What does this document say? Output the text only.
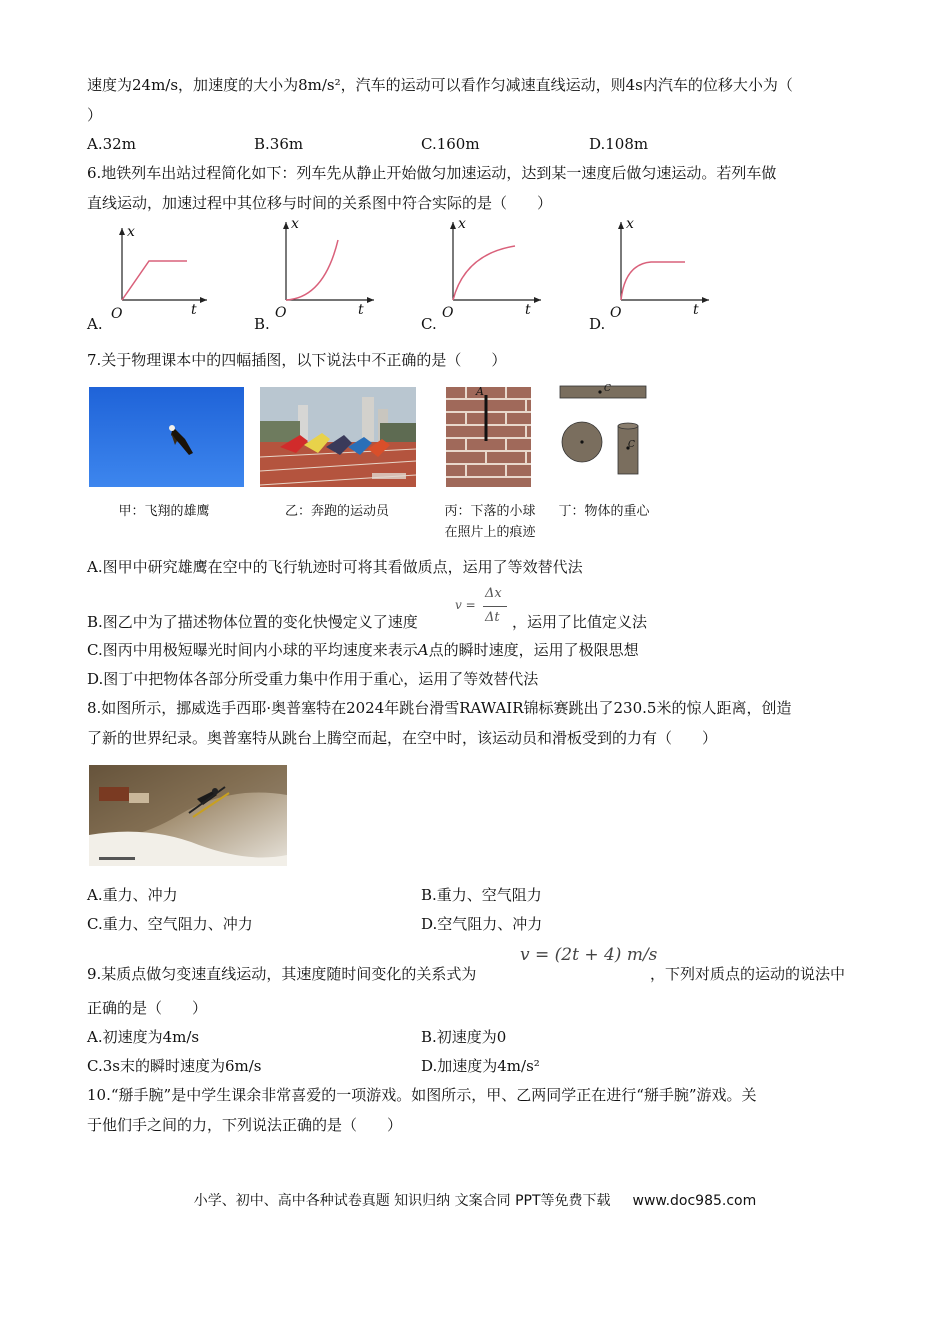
速度为24m/s，加速度的大小为8m/s²，汽车的运动可以看作匀减速直线运动，则4s内汽车的位移大小为（
）
A.32m	B.36m	C.160m	D.108m
6.地铁列车出站过程简化如下：列车先从静止开始做匀加速运动，达到某一速度后做匀速运动。若列车做
直线运动，加速过程中其位移与时间的关系图中符合实际的是（　　）
x
t
O
A.
x
t
O
B.
x
t
O
C.
x
t
O
D.
7.关于物理课本中的四幅插图，以下说法中不正确的是（　　）
A	C
C
甲：飞翔的雄鹰	乙：奔跑的运动员	丙：下落的小球
在照片上的痕迹
丁：物体的重心
A.图甲中研究雄鹰在空中的飞行轨迹时可将其看做质点，运用了等效替代法
B.图乙中为了描述物体位置的变化快慢定义了速度
v =
Δx
Δt ，运用了比值定义法
C.图丙中用极短曝光时间内小球的平均速度来表示A点的瞬时速度，运用了极限思想
D.图丁中把物体各部分所受重力集中作用于重心，运用了等效替代法
8.如图所示，挪威选手西耶·奥普塞特在2024年跳台滑雪RAWAIR锦标赛跳出了230.5米的惊人距离，创造
了新的世界纪录。奥普塞特从跳台上腾空而起，在空中时，该运动员和滑板受到的力有（　　）
A.重力、冲力	B.重力、空气阻力
C.重力、空气阻力、冲力	D.空气阻力、冲力
v = (2t + 4) m/s
9.某质点做匀变速直线运动，其速度随时间变化的关系式为	，下列对质点的运动的说法中
正确的是（　　）
A.初速度为4m/s	B.初速度为0
C.3s末的瞬时速度为6m/s	D.加速度为4m/s²
10.“掰手腕”是中学生课余非常喜爱的一项游戏。如图所示，甲、乙两同学正在进行“掰手腕”游戏。关
于他们手之间的力，下列说法正确的是（　　）
小学、初中、高中各种试卷真题 知识归纳 文案合同 PPT等免费下载 www.doc985.com
